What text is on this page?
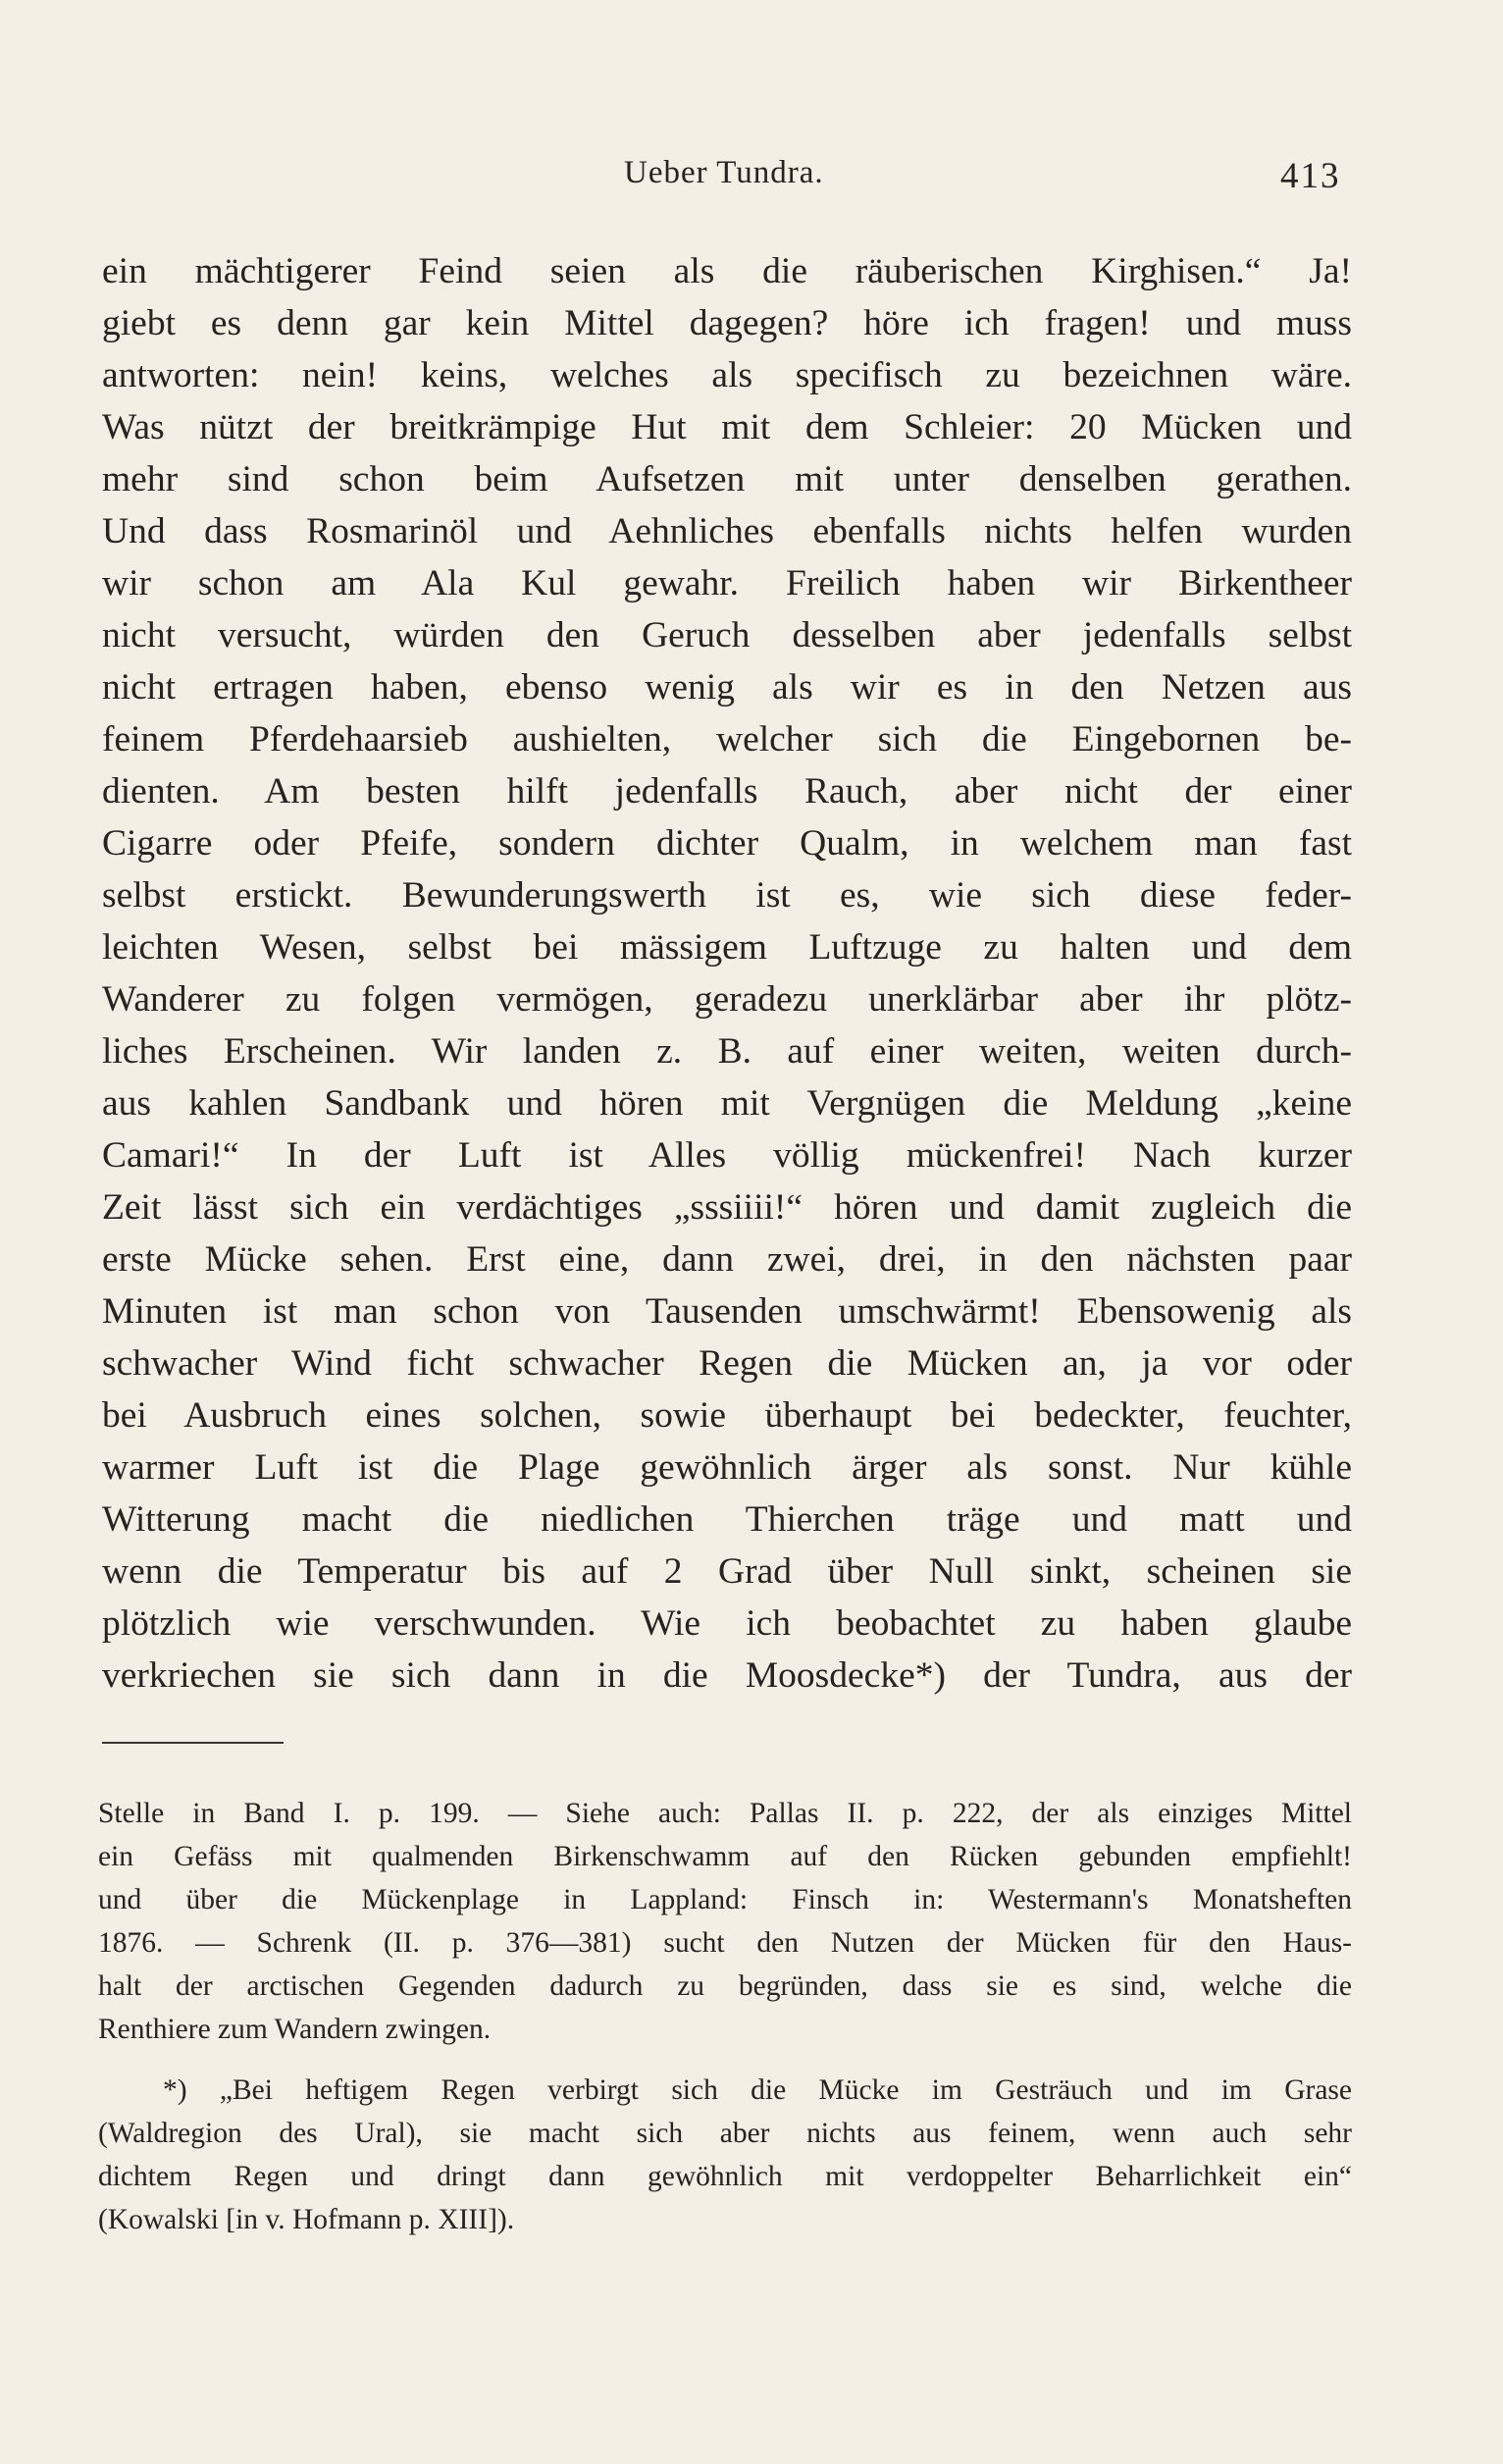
Ueber Tundra.	413
ein mächtigerer Feind seien als die räuberischen Kirghisen.“ Ja!
giebt es denn gar kein Mittel dagegen? höre ich fragen! und muss
antworten: nein! keins, welches als specifisch zu bezeichnen wäre.
Was nützt der breitkrämpige Hut mit dem Schleier: 20 Mücken und
mehr sind schon beim Aufsetzen mit unter denselben gerathen.
Und dass Rosmarinöl und Aehnliches ebenfalls nichts helfen wurden
wir schon am Ala Kul gewahr. Freilich haben wir Birkentheer
nicht versucht, würden den Geruch desselben aber jedenfalls selbst
nicht ertragen haben, ebenso wenig als wir es in den Netzen aus
feinem Pferdehaarsieb aushielten, welcher sich die Eingebornen be-
dienten. Am besten hilft jedenfalls Rauch, aber nicht der einer
Cigarre oder Pfeife, sondern dichter Qualm, in welchem man fast
selbst erstickt. Bewunderungswerth ist es, wie sich diese feder-
leichten Wesen, selbst bei mässigem Luftzuge zu halten und dem
Wanderer zu folgen vermögen, geradezu unerklärbar aber ihr plötz-
liches Erscheinen. Wir landen z. B. auf einer weiten, weiten durch-
aus kahlen Sandbank und hören mit Vergnügen die Meldung „keine
Camari!“ In der Luft ist Alles völlig mückenfrei! Nach kurzer
Zeit lässt sich ein verdächtiges „sssiiii!“ hören und damit zugleich die
erste Mücke sehen. Erst eine, dann zwei, drei, in den nächsten paar
Minuten ist man schon von Tausenden umschwärmt! Ebensowenig als
schwacher Wind ficht schwacher Regen die Mücken an, ja vor oder
bei Ausbruch eines solchen, sowie überhaupt bei bedeckter, feuchter,
warmer Luft ist die Plage gewöhnlich ärger als sonst. Nur kühle
Witterung macht die niedlichen Thierchen träge und matt und
wenn die Temperatur bis auf 2 Grad über Null sinkt, scheinen sie
plötzlich wie verschwunden. Wie ich beobachtet zu haben glaube
verkriechen sie sich dann in die Moosdecke*) der Tundra, aus der
Stelle in Band I. p. 199. — Siehe auch: Pallas II. p. 222, der als einziges Mittel
ein Gefäss mit qualmenden Birkenschwamm auf den Rücken gebunden empfiehlt!
und über die Mückenplage in Lappland: Finsch in: Westermann's Monatsheften
1876. — Schrenk (II. p. 376—381) sucht den Nutzen der Mücken für den Haus-
halt der arctischen Gegenden dadurch zu begründen, dass sie es sind, welche die
Renthiere zum Wandern zwingen.
*) „Bei heftigem Regen verbirgt sich die Mücke im Gesträuch und im Grase
(Waldregion des Ural), sie macht sich aber nichts aus feinem, wenn auch sehr
dichtem Regen und dringt dann gewöhnlich mit verdoppelter Beharrlichkeit ein“
(Kowalski [in v. Hofmann p. XIII]).
